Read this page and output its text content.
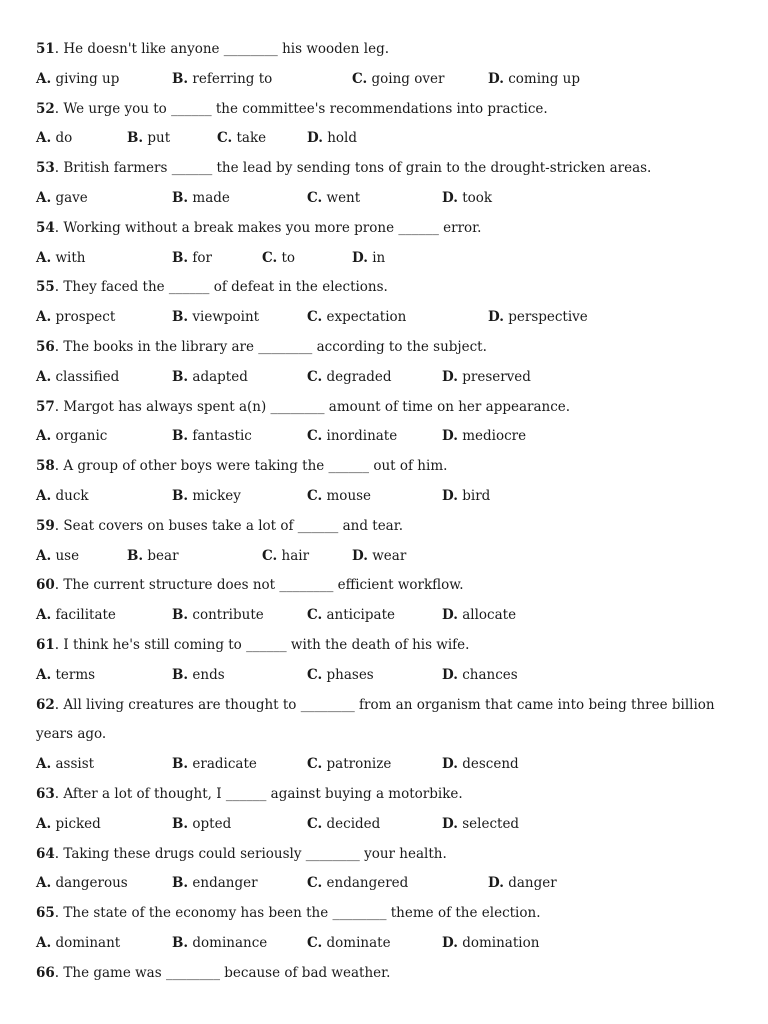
51. He doesn't like anyone ________ his wooden leg.
A. giving up	B. referring to	C. going over	D. coming up
52. We urge you to ______ the committee's recommendations into practice.
A. do	B. put	C. take	D. hold
53. British farmers ______ the lead by sending tons of grain to the drought-stricken areas.
A. gave	B. made	C. went	D. took
54. Working without a break makes you more prone ______ error.
A. with	B. for	C. to	D. in
55. They faced the ______ of defeat in the elections.
A. prospect	B. viewpoint	C. expectation	D. perspective
56. The books in the library are ________ according to the subject.
A. classified	B. adapted	C. degraded	D. preserved
57. Margot has always spent a(n) ________ amount of time on her appearance.
A. organic	B. fantastic	C. inordinate	D. mediocre
58. A group of other boys were taking the ______ out of him.
A. duck	B. mickey	C. mouse	D. bird
59. Seat covers on buses take a lot of ______ and tear.
A. use	B. bear	C. hair	D. wear
60. The current structure does not ________ efficient workflow.
A. facilitate	B. contribute	C. anticipate	D. allocate
61. I think he's still coming to ______ with the death of his wife.
A. terms	B. ends	C. phases	D. chances
62. All living creatures are thought to ________ from an organism that came into being three billion
years ago.
A. assist	B. eradicate	C. patronize	D. descend
63. After a lot of thought, I ______ against buying a motorbike.
A. picked	B. opted	C. decided	D. selected
64. Taking these drugs could seriously ________ your health.
A. dangerous	B. endanger	C. endangered	D. danger
65. The state of the economy has been the ________ theme of the election.
A. dominant	B. dominance	C. dominate	D. domination
66. The game was ________ because of bad weather.
